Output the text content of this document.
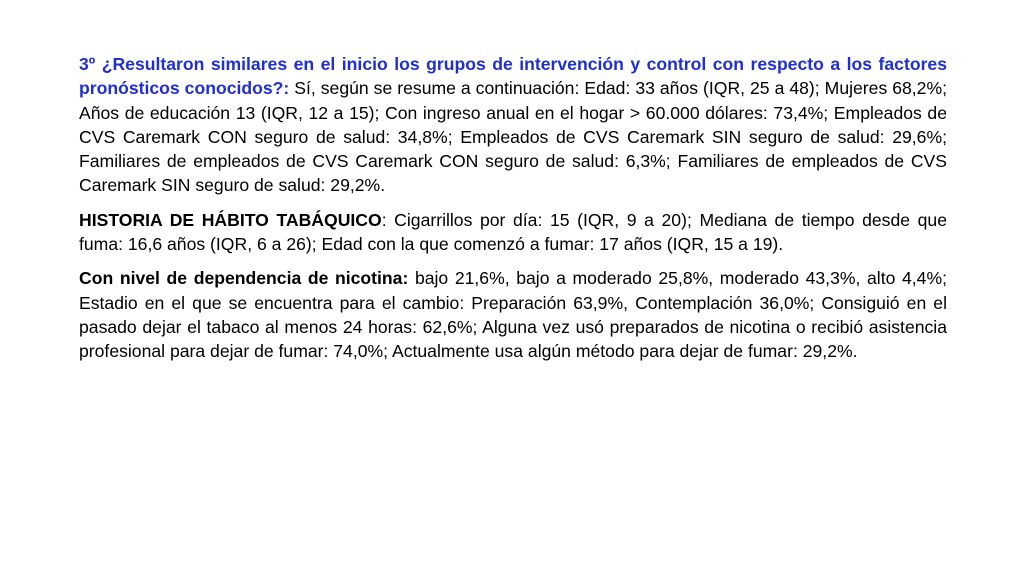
3º ¿Resultaron similares en el inicio los grupos de intervención y control con respecto a los factores pronósticos conocidos?: Sí, según se resume a continuación: Edad: 33 años (IQR, 25 a 48); Mujeres 68,2%; Años de educación 13 (IQR, 12 a 15); Con ingreso anual en el hogar > 60.000 dólares: 73,4%; Empleados de CVS Caremark CON seguro de salud: 34,8%; Empleados de CVS Caremark SIN seguro de salud: 29,6%; Familiares de empleados de CVS Caremark CON seguro de salud: 6,3%; Familiares de empleados de CVS Caremark SIN seguro de salud: 29,2%.

HISTORIA DE HÁBITO TABÁQUICO: Cigarrillos por día: 15 (IQR, 9 a 20); Mediana de tiempo desde que fuma: 16,6 años (IQR, 6 a 26); Edad con la que comenzó a fumar: 17 años (IQR, 15 a 19).

Con nivel de dependencia de nicotina: bajo 21,6%, bajo a moderado 25,8%, moderado 43,3%, alto 4,4%; Estadio en el que se encuentra para el cambio: Preparación 63,9%, Contemplación 36,0%; Consiguió en el pasado dejar el tabaco al menos 24 horas: 62,6%; Alguna vez usó preparados de nicotina o recibió asistencia profesional para dejar de fumar: 74,0%; Actualmente usa algún método para dejar de fumar: 29,2%.
